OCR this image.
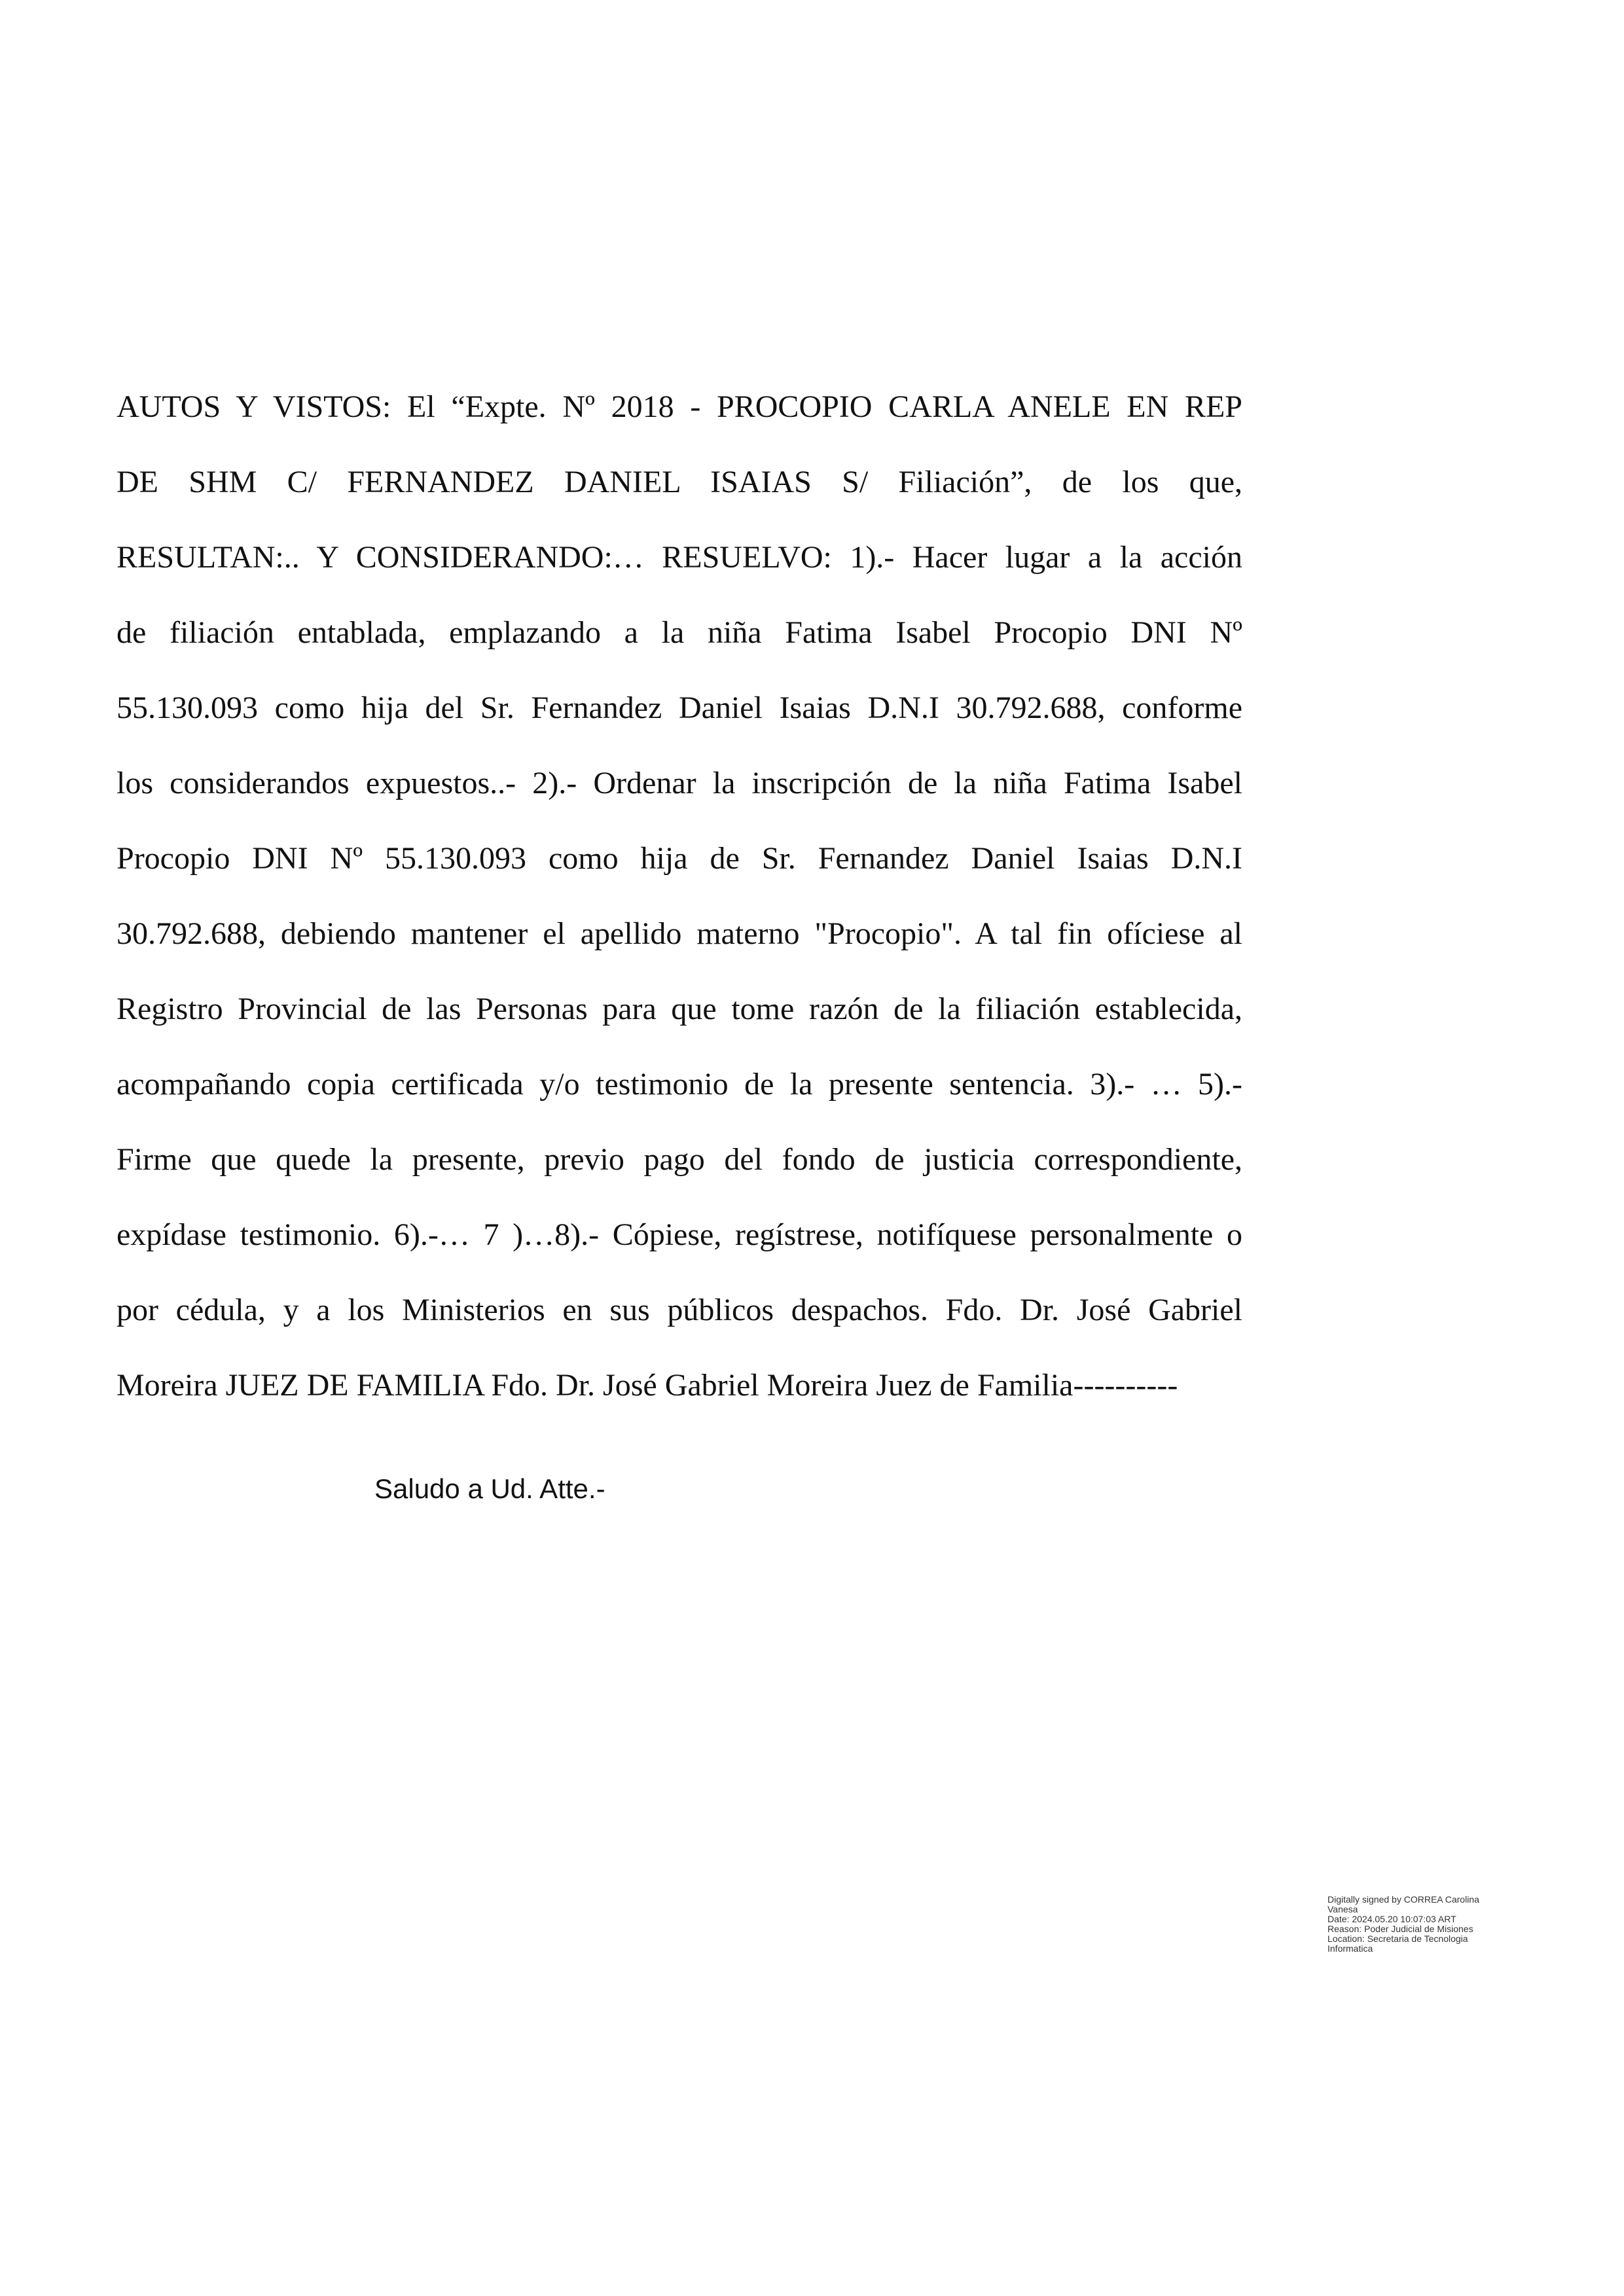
AUTOS Y VISTOS: El “Expte. Nº 2018 - PROCOPIO CARLA ANELE EN REP
DE SHM C/ FERNANDEZ DANIEL ISAIAS S/ Filiación”, de los que,
RESULTAN:.. Y CONSIDERANDO:… RESUELVO: 1).- Hacer lugar a la acción
de filiación entablada, emplazando a la niña Fatima Isabel Procopio DNI Nº
55.130.093 como hija del Sr. Fernandez Daniel Isaias D.N.I 30.792.688, conforme
los considerandos expuestos..- 2).- Ordenar la inscripción de la niña Fatima Isabel
Procopio DNI Nº 55.130.093 como hija de Sr. Fernandez Daniel Isaias D.N.I
30.792.688, debiendo mantener el apellido materno "Procopio". A tal fin ofíciese al
Registro Provincial de las Personas para que tome razón de la filiación establecida,
acompañando copia certificada y/o testimonio de la presente sentencia. 3).- … 5).-
Firme que quede la presente, previo pago del fondo de justicia correspondiente,
expídase testimonio. 6).-… 7 )…8).- Cópiese, regístrese, notifíquese personalmente o
por cédula, y a los Ministerios en sus públicos despachos. Fdo. Dr. José Gabriel
Moreira JUEZ DE FAMILIA Fdo. Dr. José Gabriel Moreira Juez de Familia----------

Saludo a Ud. Atte.-

Digitally signed by CORREA Carolina
Vanesa
Date: 2024.05.20 10:07:03 ART
Reason: Poder Judicial de Misiones
Location: Secretaria de Tecnologia
Informatica
